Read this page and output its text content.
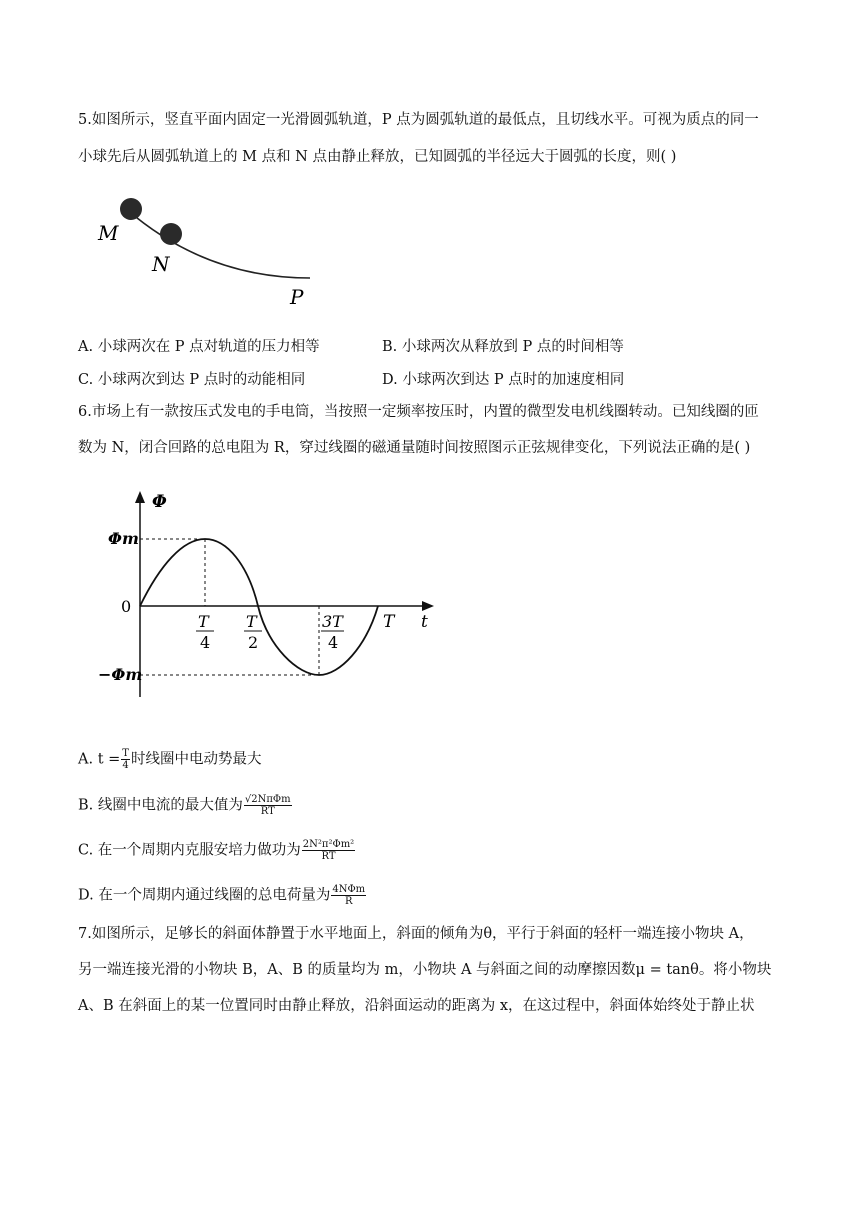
5.如图所示，竖直平面内固定一光滑圆弧轨道，P 点为圆弧轨道的最低点，且切线水平。可视为质点的同一
小球先后从圆弧轨道上的 M 点和 N 点由静止释放，已知圆弧的半径远大于圆弧的长度，则( )
M
N
P
A. 小球两次在 P 点对轨道的压力相等	B. 小球两次从释放到 P 点的时间相等
C. 小球两次到达 P 点时的动能相同	D. 小球两次到达 P 点时的加速度相同
6.市场上有一款按压式发电的手电筒，当按照一定频率按压时，内置的微型发电机线圈转动。已知线圈的匝
数为 N，闭合回路的总电阻为 R，穿过线圈的磁通量随时间按照图示正弦规律变化，下列说法正确的是( )
Φ
t
0
Φm
−Φm
T
4
T
2
3T
4
T
A. $t = \frac{T}{4}$ 时线圈中电动势最大
B. 线圈中电流的最大值为 $\frac{\text{√2NπΦm}}{RT}$
C. 在一个周期内克服安培力做功为 $\frac{\text{2N²π²Φm²}}{RT}$
D. 在一个周期内通过线圈的总电荷量为 $\frac{\text{4NΦm}}{R}$
7.如图所示，足够长的斜面体静置于水平地面上，斜面的倾角为θ，平行于斜面的轻杆一端连接小物块 A，
另一端连接光滑的小物块 B，A、B 的质量均为 m，小物块 A 与斜面之间的动摩擦因数μ = tanθ。将小物块
A、B 在斜面上的某一位置同时由静止释放，沿斜面运动的距离为 x，在这过程中，斜面体始终处于静止状
